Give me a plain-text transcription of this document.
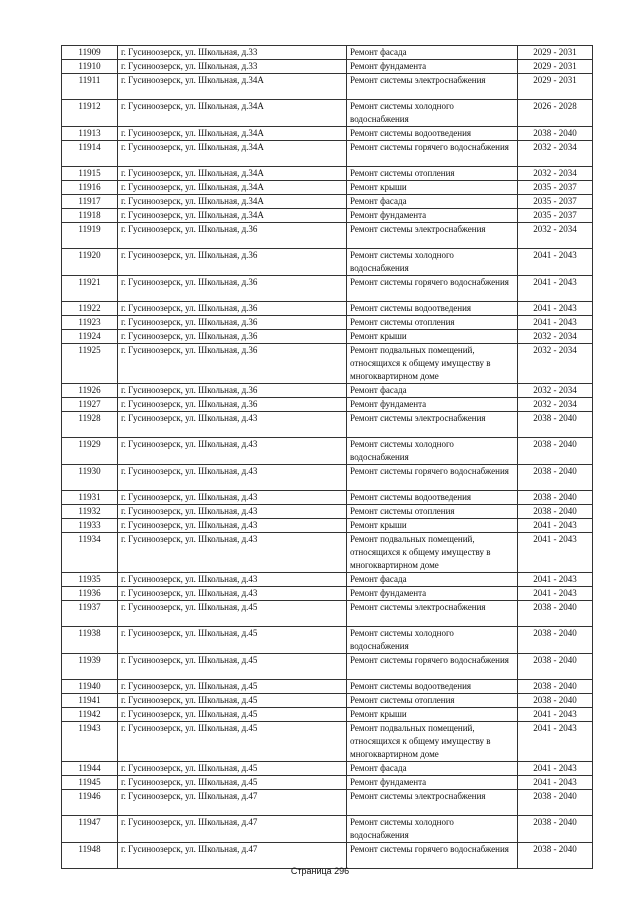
11909	г. Гусиноозерск, ул. Школьная, д.33	Ремонт фасада	2029 - 2031
11910	г. Гусиноозерск, ул. Школьная, д.33	Ремонт фундамента	2029 - 2031
11911	г. Гусиноозерск, ул. Школьная, д.34А	Ремонт системы электроснабжения	2029 - 2031
11912	г. Гусиноозерск, ул. Школьная, д.34А	Ремонт системы холодного водоснабжения	2026 - 2028
11913	г. Гусиноозерск, ул. Школьная, д.34А	Ремонт системы водоотведения	2038 - 2040
11914	г. Гусиноозерск, ул. Школьная, д.34А	Ремонт системы горячего водоснабжения	2032 - 2034
11915	г. Гусиноозерск, ул. Школьная, д.34А	Ремонт системы отопления	2032 - 2034
11916	г. Гусиноозерск, ул. Школьная, д.34А	Ремонт крыши	2035 - 2037
11917	г. Гусиноозерск, ул. Школьная, д.34А	Ремонт фасада	2035 - 2037
11918	г. Гусиноозерск, ул. Школьная, д.34А	Ремонт фундамента	2035 - 2037
11919	г. Гусиноозерск, ул. Школьная, д.36	Ремонт системы электроснабжения	2032 - 2034
11920	г. Гусиноозерск, ул. Школьная, д.36	Ремонт системы холодного водоснабжения	2041 - 2043
11921	г. Гусиноозерск, ул. Школьная, д.36	Ремонт системы горячего водоснабжения	2041 - 2043
11922	г. Гусиноозерск, ул. Школьная, д.36	Ремонт системы водоотведения	2041 - 2043
11923	г. Гусиноозерск, ул. Школьная, д.36	Ремонт системы отопления	2041 - 2043
11924	г. Гусиноозерск, ул. Школьная, д.36	Ремонт крыши	2032 - 2034
11925	г. Гусиноозерск, ул. Школьная, д.36	Ремонт подвальных помещений, относящихся к общему имуществу в многоквартирном доме	2032 - 2034
11926	г. Гусиноозерск, ул. Школьная, д.36	Ремонт фасада	2032 - 2034
11927	г. Гусиноозерск, ул. Школьная, д.36	Ремонт фундамента	2032 - 2034
11928	г. Гусиноозерск, ул. Школьная, д.43	Ремонт системы электроснабжения	2038 - 2040
11929	г. Гусиноозерск, ул. Школьная, д.43	Ремонт системы холодного водоснабжения	2038 - 2040
11930	г. Гусиноозерск, ул. Школьная, д.43	Ремонт системы горячего водоснабжения	2038 - 2040
11931	г. Гусиноозерск, ул. Школьная, д.43	Ремонт системы водоотведения	2038 - 2040
11932	г. Гусиноозерск, ул. Школьная, д.43	Ремонт системы отопления	2038 - 2040
11933	г. Гусиноозерск, ул. Школьная, д.43	Ремонт крыши	2041 - 2043
11934	г. Гусиноозерск, ул. Школьная, д.43	Ремонт подвальных помещений, относящихся к общему имуществу в многоквартирном доме	2041 - 2043
11935	г. Гусиноозерск, ул. Школьная, д.43	Ремонт фасада	2041 - 2043
11936	г. Гусиноозерск, ул. Школьная, д.43	Ремонт фундамента	2041 - 2043
11937	г. Гусиноозерск, ул. Школьная, д.45	Ремонт системы электроснабжения	2038 - 2040
11938	г. Гусиноозерск, ул. Школьная, д.45	Ремонт системы холодного водоснабжения	2038 - 2040
11939	г. Гусиноозерск, ул. Школьная, д.45	Ремонт системы горячего водоснабжения	2038 - 2040
11940	г. Гусиноозерск, ул. Школьная, д.45	Ремонт системы водоотведения	2038 - 2040
11941	г. Гусиноозерск, ул. Школьная, д.45	Ремонт системы отопления	2038 - 2040
11942	г. Гусиноозерск, ул. Школьная, д.45	Ремонт крыши	2041 - 2043
11943	г. Гусиноозерск, ул. Школьная, д.45	Ремонт подвальных помещений, относящихся к общему имуществу в многоквартирном доме	2041 - 2043
11944	г. Гусиноозерск, ул. Школьная, д.45	Ремонт фасада	2041 - 2043
11945	г. Гусиноозерск, ул. Школьная, д.45	Ремонт фундамента	2041 - 2043
11946	г. Гусиноозерск, ул. Школьная, д.47	Ремонт системы электроснабжения	2038 - 2040
11947	г. Гусиноозерск, ул. Школьная, д.47	Ремонт системы холодного водоснабжения	2038 - 2040
11948	г. Гусиноозерск, ул. Школьная, д.47	Ремонт системы горячего водоснабжения	2038 - 2040
Страница 296
